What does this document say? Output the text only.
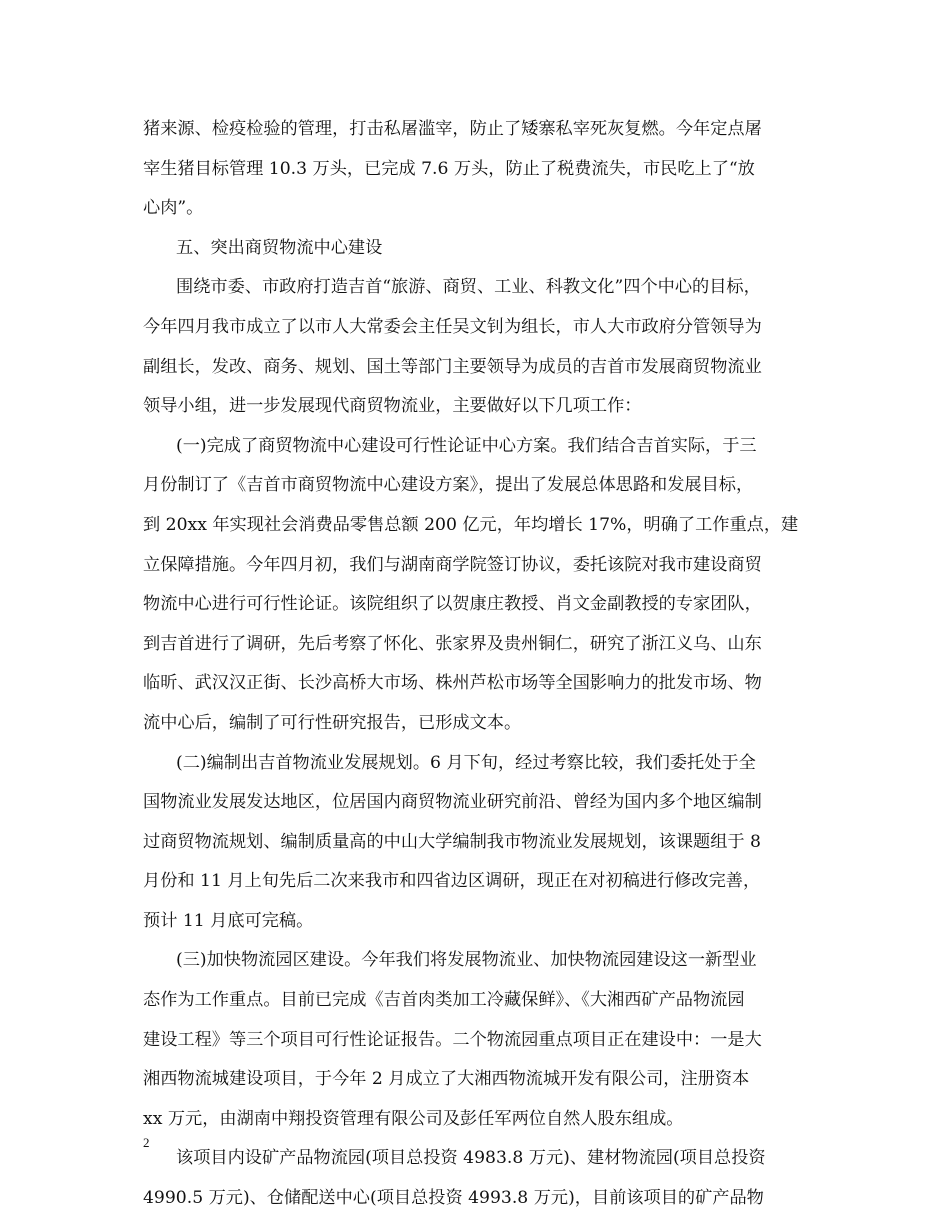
猪来源、检疫检验的管理，打击私屠滥宰，防止了矮寨私宰死灰复燃。今年定点屠
宰生猪目标管理 10.3 万头，已完成 7.6 万头，防止了税费流失，市民吃上了“放
心肉”。
五、突出商贸物流中心建设
围绕市委、市政府打造吉首“旅游、商贸、工业、科教文化”四个中心的目标，
今年四月我市成立了以市人大常委会主任吴文钊为组长，市人大市政府分管领导为
副组长，发改、商务、规划、国土等部门主要领导为成员的吉首市发展商贸物流业
领导小组，进一步发展现代商贸物流业，主要做好以下几项工作：
(一)完成了商贸物流中心建设可行性论证中心方案。我们结合吉首实际，于三
月份制订了《吉首市商贸物流中心建设方案》，提出了发展总体思路和发展目标，
到 20xx 年实现社会消费品零售总额 200 亿元，年均增长 17%，明确了工作重点，建
立保障措施。今年四月初，我们与湖南商学院签订协议，委托该院对我市建设商贸
物流中心进行可行性论证。该院组织了以贺康庄教授、肖文金副教授的专家团队，
到吉首进行了调研，先后考察了怀化、张家界及贵州铜仁，研究了浙江义乌、山东
临昕、武汉汉正街、长沙高桥大市场、株州芦松市场等全国影响力的批发市场、物
流中心后，编制了可行性研究报告，已形成文本。
(二)编制出吉首物流业发展规划。6 月下旬，经过考察比较，我们委托处于全
国物流业发展发达地区，位居国内商贸物流业研究前沿、曾经为国内多个地区编制
过商贸物流规划、编制质量高的中山大学编制我市物流业发展规划，该课题组于 8
月份和 11 月上旬先后二次来我市和四省边区调研，现正在对初稿进行修改完善，
预计 11 月底可完稿。
(三)加快物流园区建设。今年我们将发展物流业、加快物流园建设这一新型业
态作为工作重点。目前已完成《吉首肉类加工冷藏保鲜》、《大湘西矿产品物流园
建设工程》等三个项目可行性论证报告。二个物流园重点项目正在建设中：一是大
湘西物流城建设项目，于今年 2 月成立了大湘西物流城开发有限公司，注册资本
xx 万元，由湖南中翔投资管理有限公司及彭任军两位自然人股东组成。
该项目内设矿产品物流园(项目总投资 4983.8 万元)、建材物流园(项目总投资
4990.5 万元)、仓储配送中心(项目总投资 4993.8 万元)，目前该项目的矿产品物
2
